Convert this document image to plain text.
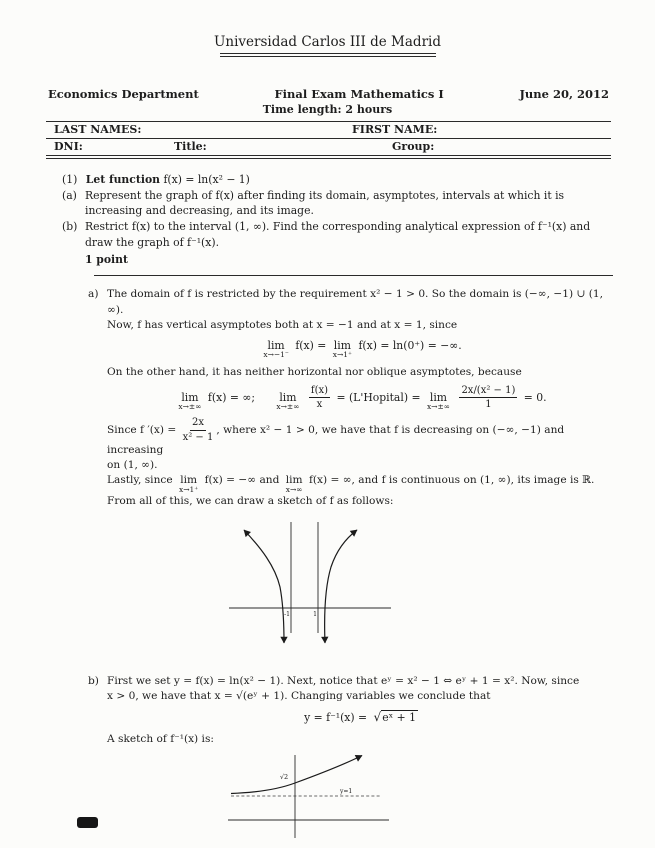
Universidad Carlos III de Madrid
Economics Department	Final Exam Mathematics I	June 20, 2012
Time length: 2 hours
LAST NAMES:	FIRST NAME:
DNI:	Title:	Group:
(1) Let function f(x) = ln(x² − 1)
(a) Represent the graph of f(x) after finding its domain, asymptotes, intervals at which it is increasing and decreasing, and its image.
(b) Restrict f(x) to the interval (1, ∞). Find the corresponding analytical expression of f⁻¹(x) and draw the graph of f⁻¹(x).
1 point
a) The domain of f is restricted by the requirement x² − 1 > 0. So the domain is (−∞, −1) ∪ (1, ∞).
Now, f has vertical asymptotes both at x = −1 and at x = 1, since
lim
x→−1⁻
f(x) = lim
x→1⁺
f(x) = ln(0⁺) = −∞.
On the other hand, it has neither horizontal nor oblique asymptotes, because
lim
x→±∞
f(x) = ∞; lim
x→±∞
$\frac{f(x)}{x}$ = (L'Hopital) = lim
x→±∞
$\frac{\text{2x/(x² − 1)}}{1} = 0$.
Since f $'(x) = \frac{2x}{\text{x² − 1}}$ , where x² − 1 > 0, we have that f is decreasing on (−∞, −1) and increasing
on (1, ∞).
Lastly, since lim
x→1⁺
f(x) = −∞ and lim
x→∞
f(x) = ∞, and f is continuous on (1, ∞), its image is ℝ.
From all of this, we can draw a sketch of f as follows:
-1	1
b) First we set y = f(x) = ln(x² − 1). Next, notice that eʸ = x² − 1 ⇔ eʸ + 1 = x². Now, since
x > 0, we have that x = √(eʸ + 1). Changing variables we conclude that
y = f⁻¹(x) = √eˣ + 1
A sketch of f⁻¹(x) is:
√2
y=1
